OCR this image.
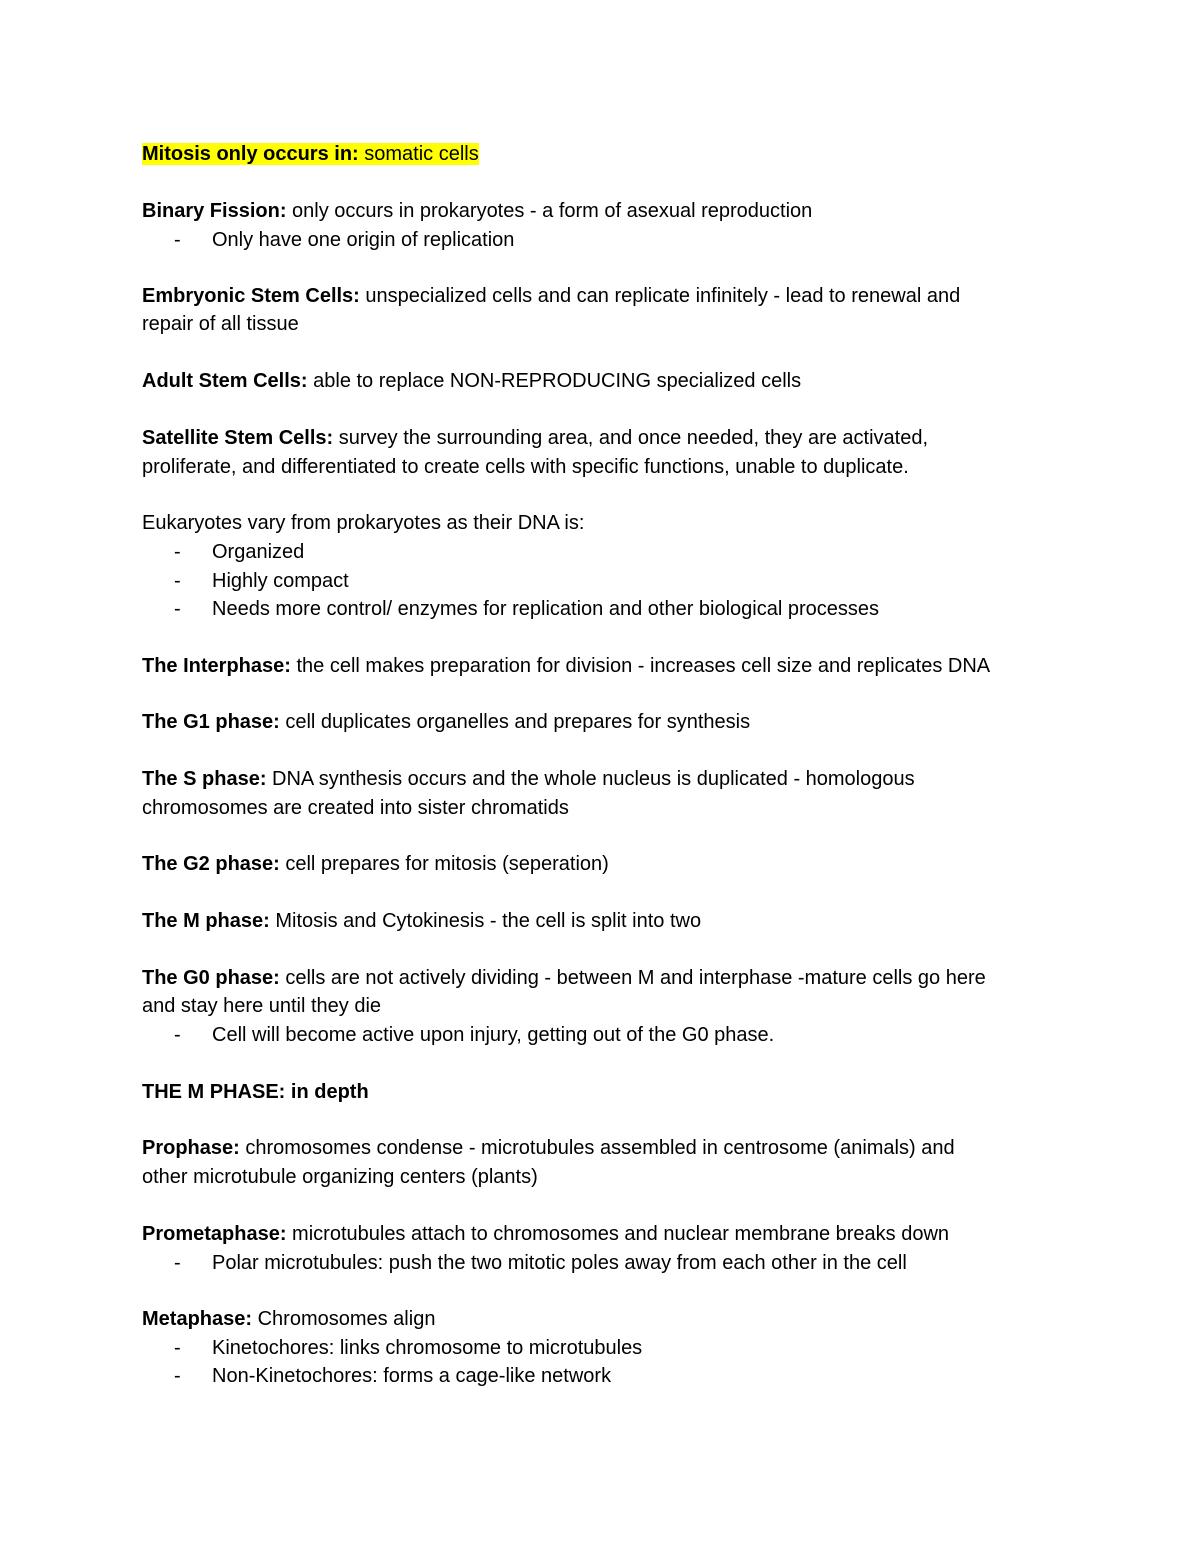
Mitosis only occurs in: somatic cells
Binary Fission: only occurs in prokaryotes - a form of asexual reproduction
- Only have one origin of replication
Embryonic Stem Cells: unspecialized cells and can replicate infinitely - lead to renewal and
repair of all tissue
Adult Stem Cells: able to replace NON-REPRODUCING specialized cells
Satellite Stem Cells: survey the surrounding area, and once needed, they are activated,
proliferate, and differentiated to create cells with specific functions, unable to duplicate.
Eukaryotes vary from prokaryotes as their DNA is:
- Organized
- Highly compact
- Needs more control/ enzymes for replication and other biological processes
The Interphase: the cell makes preparation for division - increases cell size and replicates DNA
The G1 phase: cell duplicates organelles and prepares for synthesis
The S phase: DNA synthesis occurs and the whole nucleus is duplicated - homologous
chromosomes are created into sister chromatids
The G2 phase: cell prepares for mitosis (seperation)
The M phase: Mitosis and Cytokinesis - the cell is split into two
The G0 phase: cells are not actively dividing - between M and interphase -mature cells go here
and stay here until they die
- Cell will become active upon injury, getting out of the G0 phase.
THE M PHASE: in depth
Prophase: chromosomes condense - microtubules assembled in centrosome (animals) and
other microtubule organizing centers (plants)
Prometaphase: microtubules attach to chromosomes and nuclear membrane breaks down
- Polar microtubules: push the two mitotic poles away from each other in the cell
Metaphase: Chromosomes align
- Kinetochores: links chromosome to microtubules
- Non-Kinetochores: forms a cage-like network
